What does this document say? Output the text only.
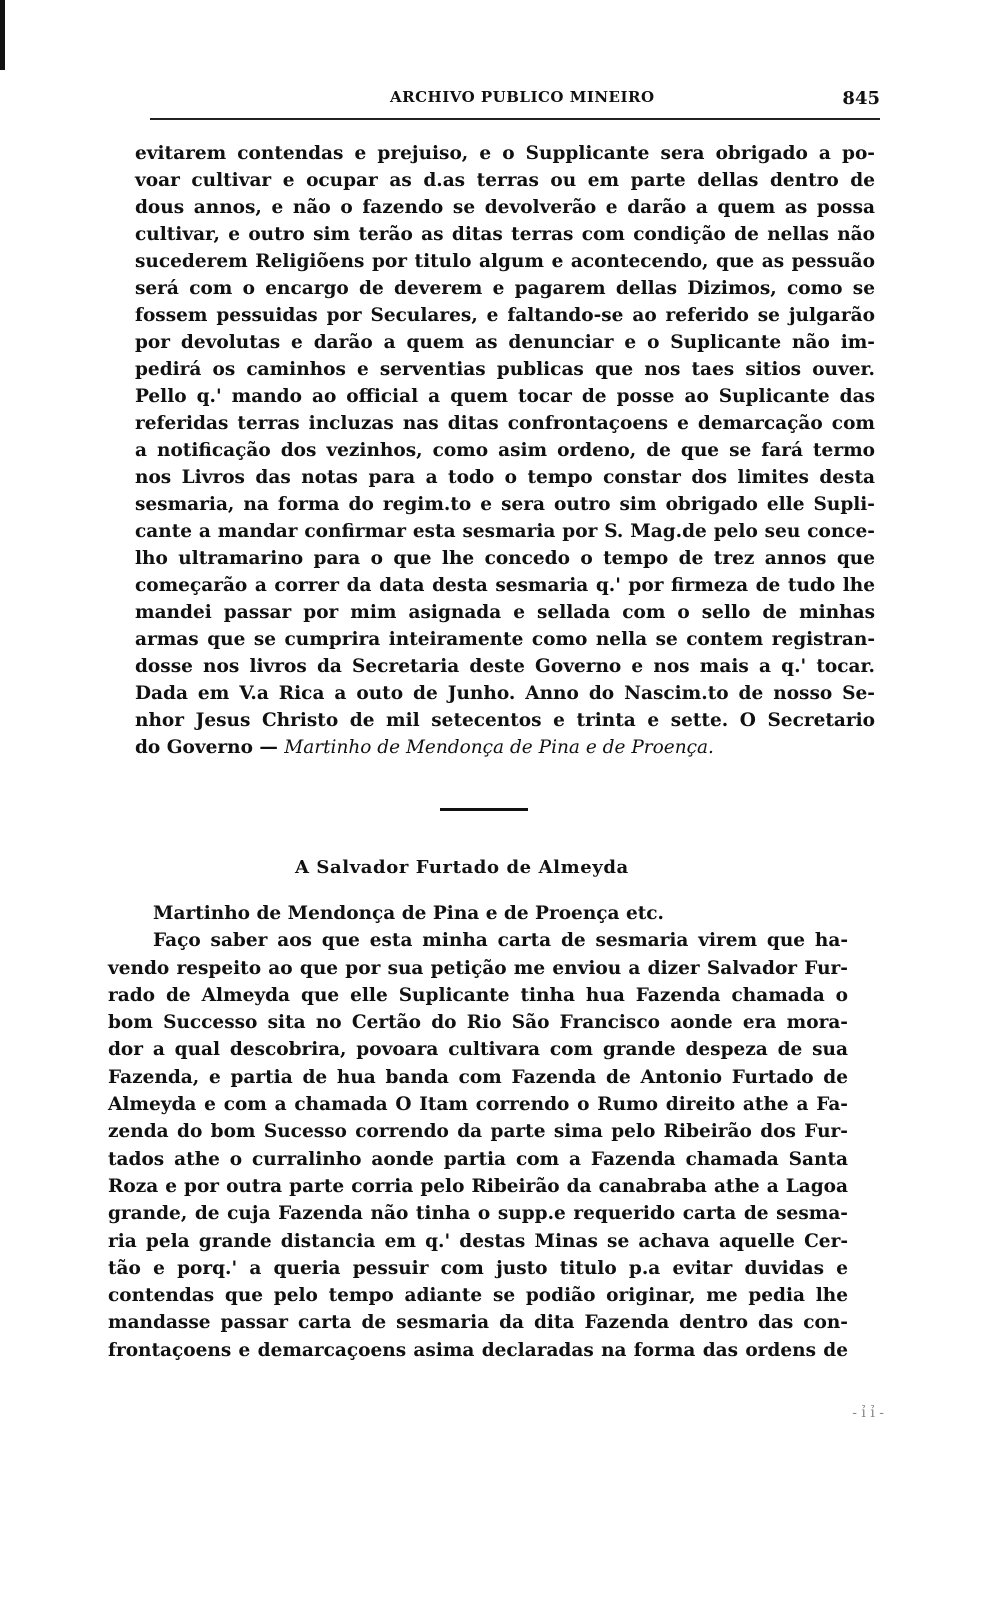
ARCHIVO PUBLICO MINEIRO	845
evitarem contendas e prejuiso, e o Supplicante sera obrigado a po-
voar cultivar e ocupar as d.as terras ou em parte dellas dentro de
dous annos, e não o fazendo se devolverão e darão a quem as possa
cultivar, e outro sim terão as ditas terras com condição de nellas não
sucederem Religiõens por titulo algum e acontecendo, que as pessuão
será com o encargo de deverem e pagarem dellas Dizimos, como se
fossem pessuidas por Seculares, e faltando-se ao referido se julgarão
por devolutas e darão a quem as denunciar e o Suplicante não im-
pedirá os caminhos e serventias publicas que nos taes sitios ouver.
Pello q.' mando ao official a quem tocar de posse ao Suplicante das
referidas terras incluzas nas ditas confrontaçoens e demarcação com
a notificação dos vezinhos, como asim ordeno, de que se fará termo
nos Livros das notas para a todo o tempo constar dos limites desta
sesmaria, na forma do regim.to e sera outro sim obrigado elle Supli-
cante a mandar confirmar esta sesmaria por S. Mag.de pelo seu conce-
lho ultramarino para o que lhe concedo o tempo de trez annos que
começarão a correr da data desta sesmaria q.' por firmeza de tudo lhe
mandei passar por mim asignada e sellada com o sello de minhas
armas que se cumprira inteiramente como nella se contem registran-
dosse nos livros da Secretaria deste Governo e nos mais a q.' tocar.
Dada em V.a Rica a outo de Junho. Anno do Nascim.to de nosso Se-
nhor Jesus Christo de mil setecentos e trinta e sette. O Secretario
do Governo — Martinho de Mendonça de Pina e de Proença.
A Salvador Furtado de Almeyda
Martinho de Mendonça de Pina e de Proença etc.
Faço saber aos que esta minha carta de sesmaria virem que ha-
vendo respeito ao que por sua petição me enviou a dizer Salvador Fur-
rado de Almeyda que elle Suplicante tinha hua Fazenda chamada o
bom Successo sita no Certão do Rio São Francisco aonde era mora-
dor a qual descobrira, povoara cultivara com grande despeza de sua
Fazenda, e partia de hua banda com Fazenda de Antonio Furtado de
Almeyda e com a chamada O Itam correndo o Rumo direito athe a Fa-
zenda do bom Sucesso correndo da parte sima pelo Ribeirão dos Fur-
tados athe o curralinho aonde partia com a Fazenda chamada Santa
Roza e por outra parte corria pelo Ribeirão da canabraba athe a Lagoa
grande, de cuja Fazenda não tinha o supp.e requerido carta de sesma-
ria pela grande distancia em q.' destas Minas se achava aquelle Cer-
tão e porq.' a queria pessuir com justo titulo p.a evitar duvidas e
contendas que pelo tempo adiante se podião originar, me pedia lhe
mandasse passar carta de sesmaria da dita Fazenda dentro das con-
frontaçoens e demarcaçoens asima declaradas na forma das ordens de
- ỉ ỉ -
